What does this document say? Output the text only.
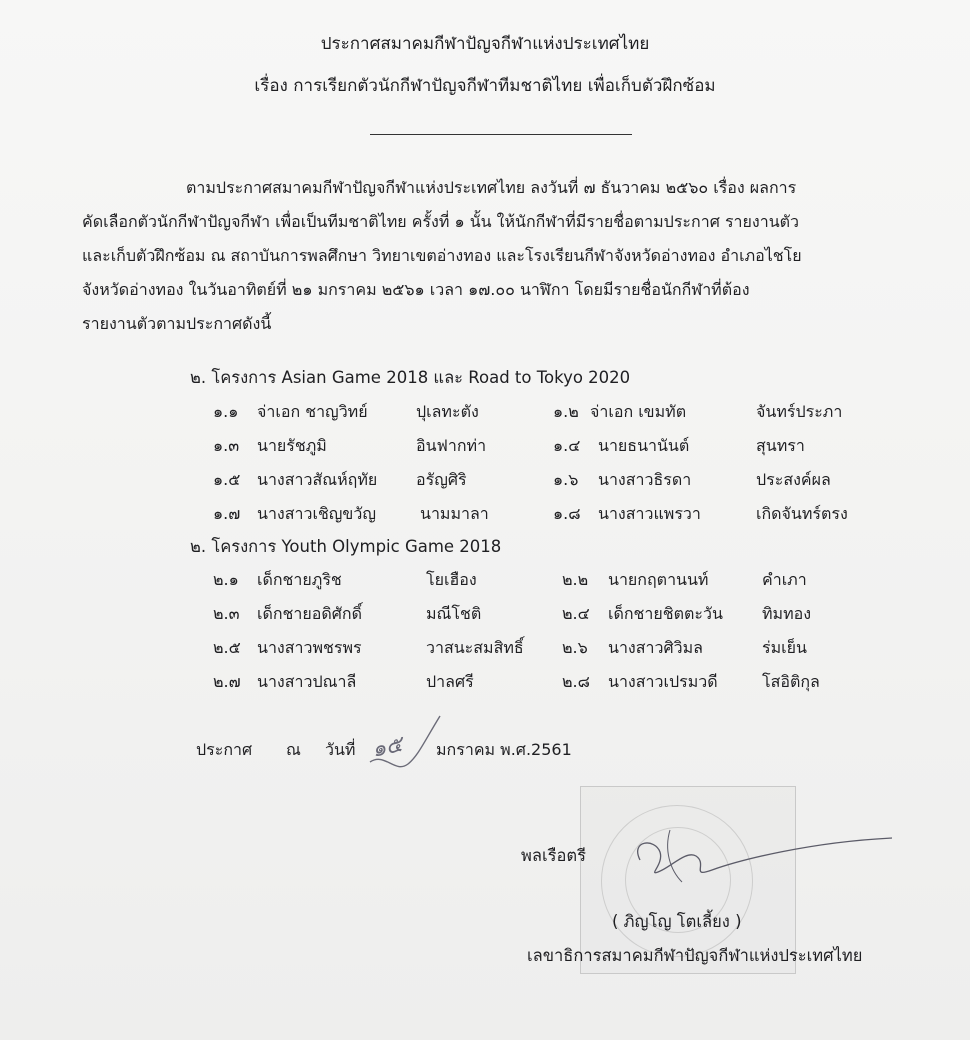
ประกาศสมาคมกีฬาปัญจกีฬาแห่งประเทศไทย
เรื่อง การเรียกตัวนักกีฬาปัญจกีฬาทีมชาติไทย เพื่อเก็บตัวฝึกซ้อม
ตามประกาศสมาคมกีฬาปัญจกีฬาแห่งประเทศไทย ลงวันที่ ๗ ธันวาคม ๒๕๖๐ เรื่อง ผลการ
คัดเลือกตัวนักกีฬาปัญจกีฬา เพื่อเป็นทีมชาติไทย ครั้งที่ ๑ นั้น ให้นักกีฬาที่มีรายชื่อตามประกาศ รายงานตัว
และเก็บตัวฝึกซ้อม ณ สถาบันการพลศึกษา วิทยาเขตอ่างทอง และโรงเรียนกีฬาจังหวัดอ่างทอง อำเภอไชโย
จังหวัดอ่างทอง ในวันอาทิตย์ที่ ๒๑ มกราคม ๒๕๖๑ เวลา ๑๗.๐๐ นาฬิกา โดยมีรายชื่อนักกีฬาที่ต้อง
รายงานตัวตามประกาศดังนี้
๒. โครงการ Asian Game 2018 และ Road to Tokyo 2020
๑.๑ จ่าเอก ชาญวิทย์	ปุเลทะตัง	๑.๒ จ่าเอก เขมทัต	จันทร์ประภา
๑.๓ นายรัชภูมิ	อินฟากท่า	๑.๔ นายธนานันต์	สุนทรา
๑.๕ นางสาวสัณห์ฤทัย อรัญศิริ	๑.๖ นางสาวธิรดา	ประสงค์ผล
๑.๗ นางสาวเชิญขวัญ	นามมาลา	๑.๘ นางสาวแพรวา	เกิดจันทร์ตรง
๒. โครงการ Youth Olympic Game 2018
๒.๑ เด็กชายภูริช	โยเฮือง	๒.๒ นายกฤตานนท์	คำเภา
๒.๓ เด็กชายอดิศักดิ์	มณีโชติ	๒.๔ เด็กชายชิตตะวัน ทิมทอง
๒.๕ นางสาวพชรพร	วาสนะสมสิทธิ์ ๒.๖ นางสาวศิวิมล	ร่มเย็น
๒.๗ นางสาวปณาลี	ปาลศรี	๒.๘ นางสาวเปรมวดี	โสอิติกุล
ประกาศ ณ วันที่ ๑๕ มกราคม พ.ศ.2561
พลเรือตรี
( ภิญโญ โตเลี้ยง )
เลขาธิการสมาคมกีฬาปัญจกีฬาแห่งประเทศไทย
